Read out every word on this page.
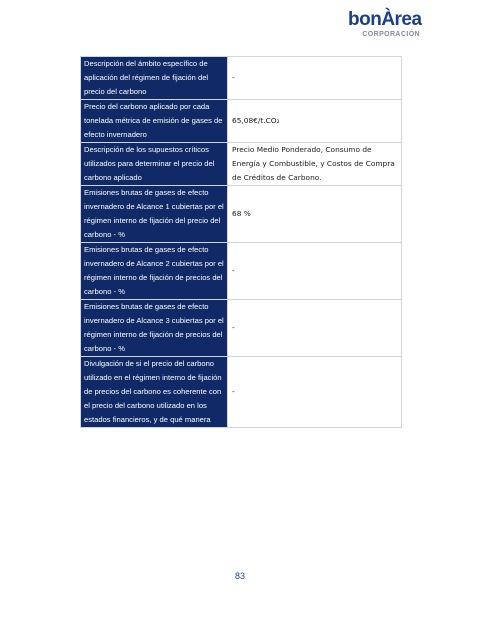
bonÀrea
CORPORACIÓN
Descripción del ámbito específico de aplicación del régimen de fijación del precio del carbono	-
Precio del carbono aplicado por cada tonelada métrica de emisión de gases de efecto invernadero	65,08€/t.CO₂
Descripción de los supuestos críticos utilizados para determinar el precio del carbono aplicado	Precio Medio Ponderado, Consumo de Energía y Combustible, y Costos de Compra de Créditos de Carbono.
Emisiones brutas de gases de efecto invernadero de Alcance 1 cubiertas por el régimen interno de fijación del precio del carbono - %	68 %
Emisiones brutas de gases de efecto invernadero de Alcance 2 cubiertas por el régimen interno de fijación de precios del carbono - %	-
Emisiones brutas de gases de efecto invernadero de Alcance 3 cubiertas por el régimen interno de fijación de precios del carbono - %	-
Divulgación de si el precio del carbono utilizado en el régimen interno de fijación de precios del carbono es coherente con el precio del carbono utilizado en los estados financieros, y de qué manera	-
83
